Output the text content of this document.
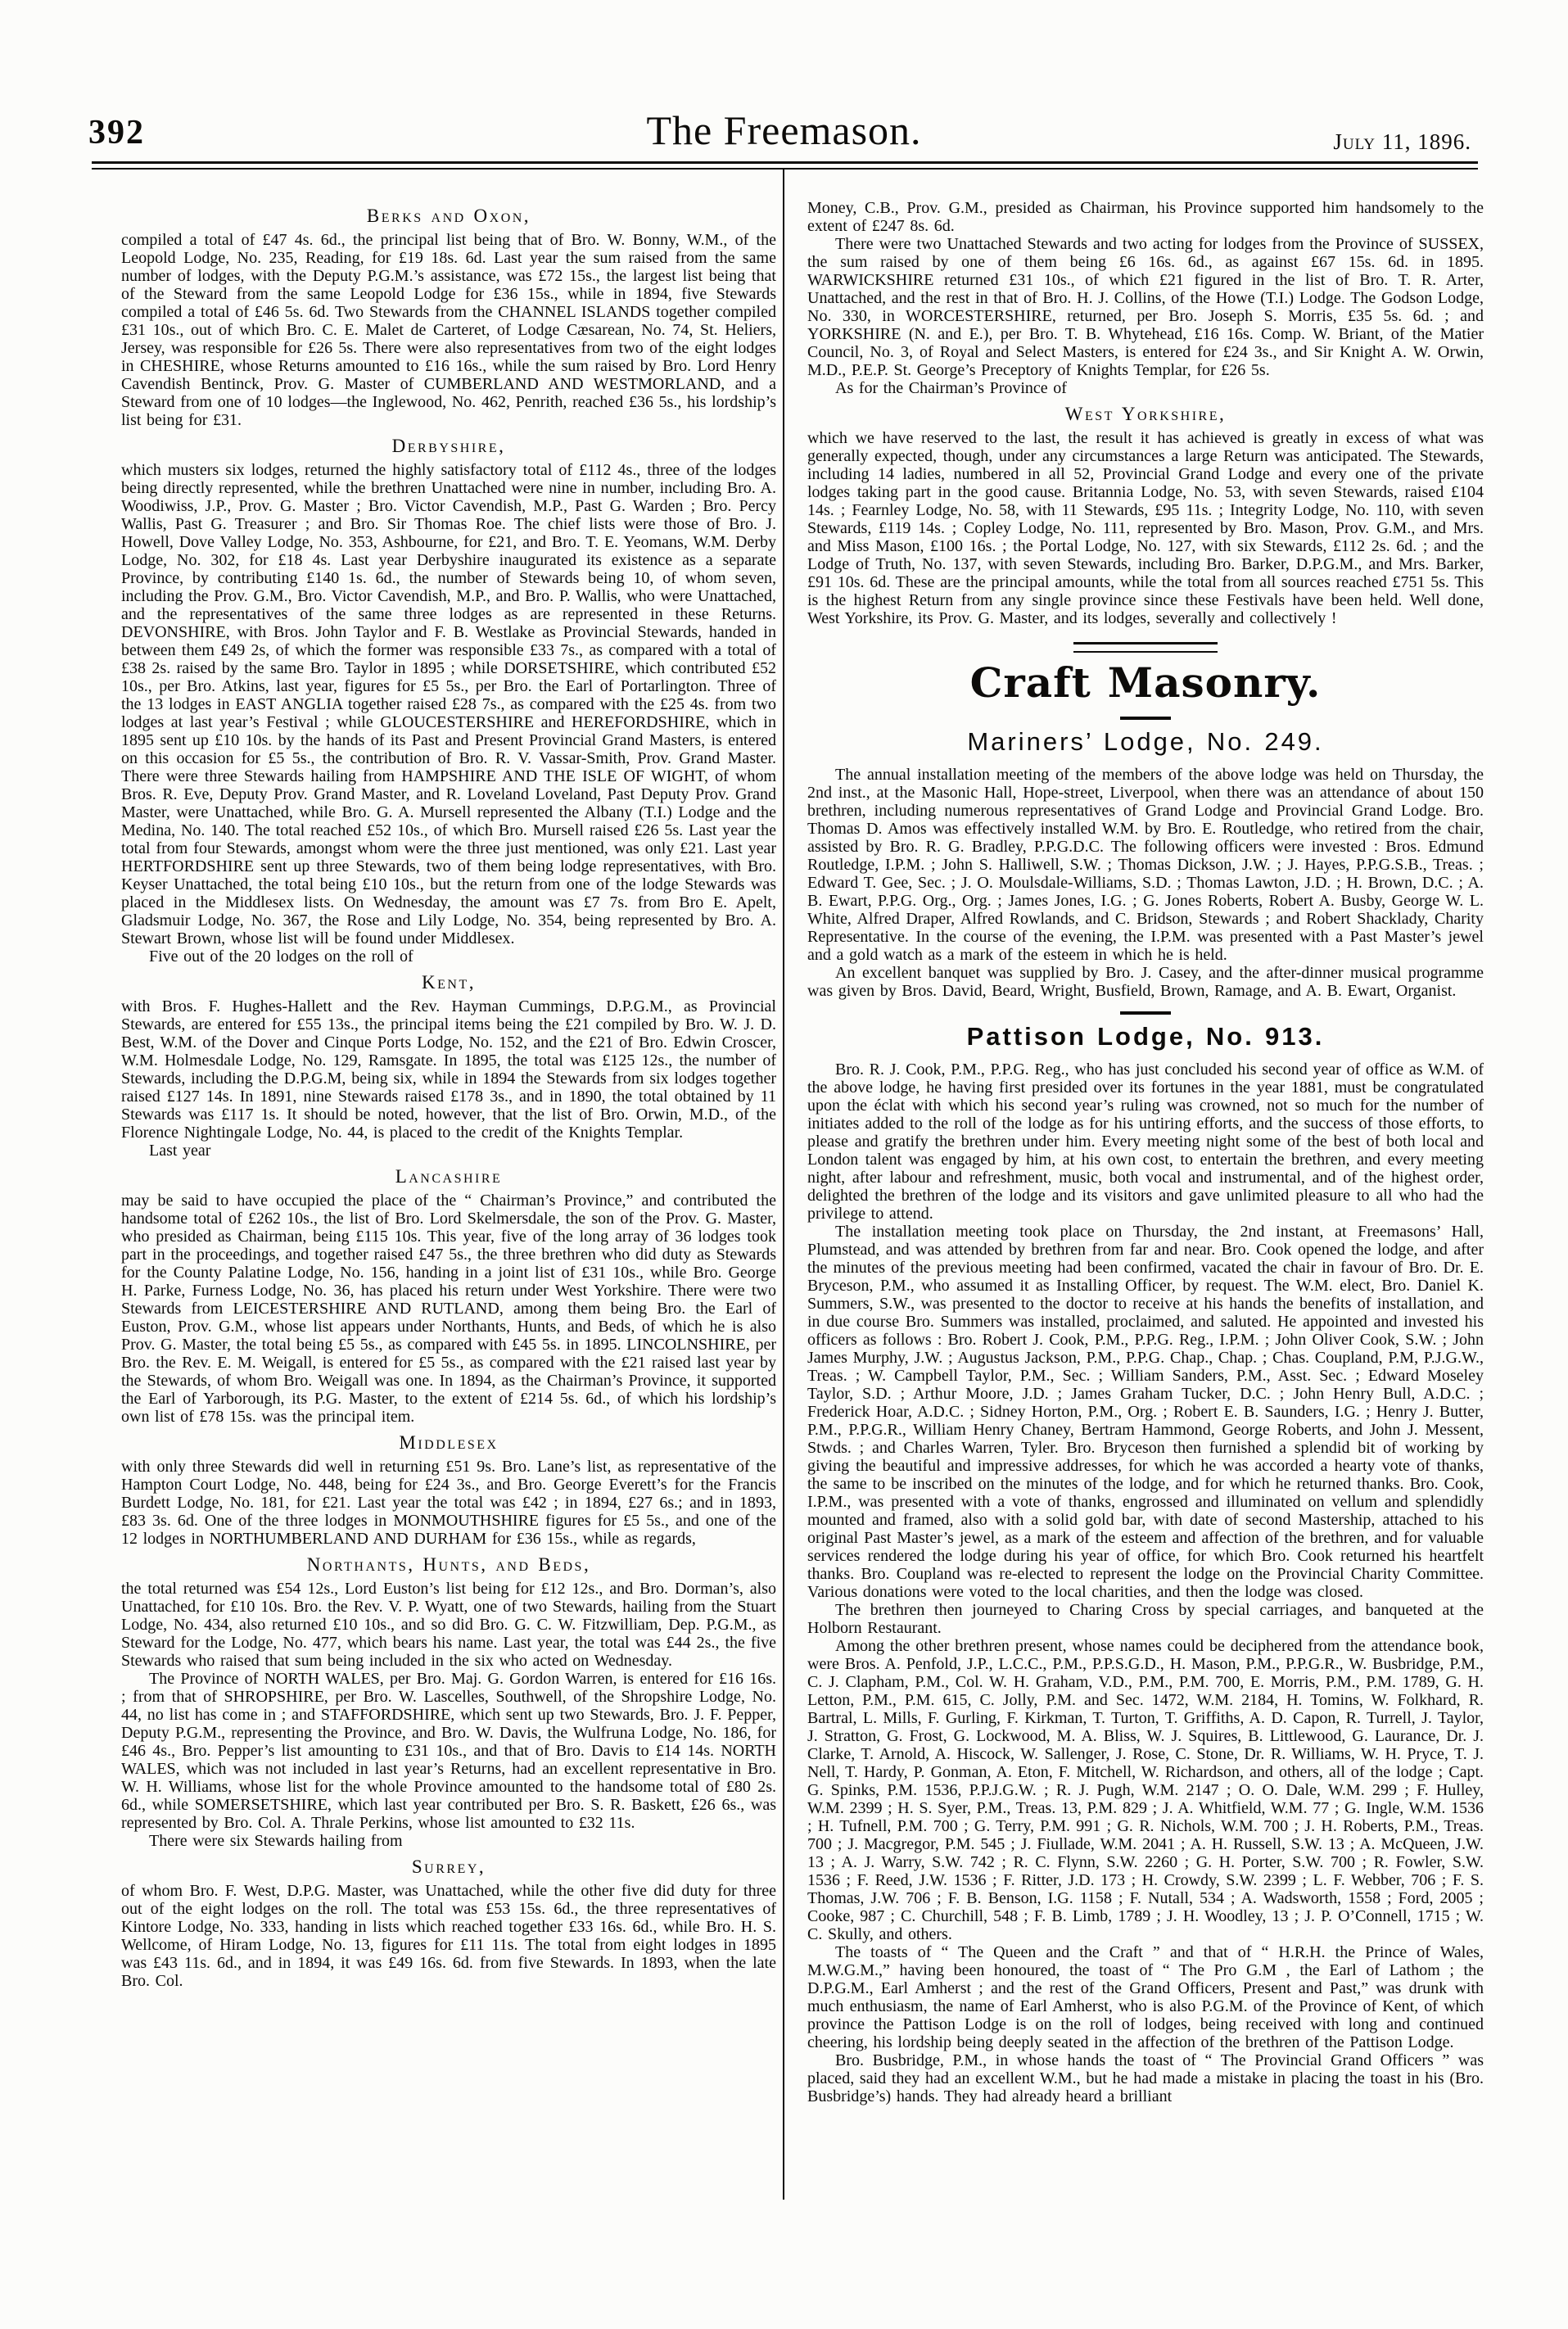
392	The Freemason.	July 11, 1896.
Berks and Oxon,

compiled a total of £47 4s. 6d., the principal list being that of Bro. W. Bonny, W.M., of the Leopold Lodge, No. 235, Reading, for £19 18s. 6d. Last year the sum raised from the same number of lodges, with the Deputy P.G.M.’s assistance, was £72 15s., the largest list being that of the Steward from the same Leopold Lodge for £36 15s., while in 1894, five Stewards compiled a total of £46 5s. 6d. Two Stewards from the CHANNEL ISLANDS together compiled £31 10s., out of which Bro. C. E. Malet de Carteret, of Lodge Cæsarean, No. 74, St. Heliers, Jersey, was responsible for £26 5s. There were also representatives from two of the eight lodges in CHESHIRE, whose Returns amounted to £16 16s., while the sum raised by Bro. Lord Henry Cavendish Bentinck, Prov. G. Master of CUMBERLAND AND WESTMORLAND, and a Steward from one of 10 lodges—the Inglewood, No. 462, Penrith, reached £36 5s., his lordship’s list being for £31.

Derbyshire,

which musters six lodges, returned the highly satisfactory total of £112 4s., three of the lodges being directly represented, while the brethren Unattached were nine in number, including Bro. A. Woodiwiss, J.P., Prov. G. Master ; Bro. Victor Cavendish, M.P., Past G. Warden ; Bro. Percy Wallis, Past G. Treasurer ; and Bro. Sir Thomas Roe. The chief lists were those of Bro. J. Howell, Dove Valley Lodge, No. 353, Ashbourne, for £21, and Bro. T. E. Yeomans, W.M. Derby Lodge, No. 302, for £18 4s. Last year Derbyshire inaugurated its existence as a separate Province, by contributing £140 1s. 6d., the number of Stewards being 10, of whom seven, including the Prov. G.M., Bro. Victor Cavendish, M.P., and Bro. P. Wallis, who were Unattached, and the representatives of the same three lodges as are represented in these Returns. DEVONSHIRE, with Bros. John Taylor and F. B. Westlake as Provincial Stewards, handed in between them £49 2s, of which the former was responsible £33 7s., as compared with a total of £38 2s. raised by the same Bro. Taylor in 1895 ; while DORSETSHIRE, which contributed £52 10s., per Bro. Atkins, last year, figures for £5 5s., per Bro. the Earl of Portarlington. Three of the 13 lodges in EAST ANGLIA together raised £28 7s., as compared with the £25 4s. from two lodges at last year’s Festival ; while GLOUCESTERSHIRE and HEREFORDSHIRE, which in 1895 sent up £10 10s. by the hands of its Past and Present Provincial Grand Masters, is entered on this occasion for £5 5s., the contribution of Bro. R. V. Vassar-Smith, Prov. Grand Master. There were three Stewards hailing from HAMPSHIRE AND THE ISLE OF WIGHT, of whom Bros. R. Eve, Deputy Prov. Grand Master, and R. Loveland Loveland, Past Deputy Prov. Grand Master, were Unattached, while Bro. G. A. Mursell represented the Albany (T.I.) Lodge and the Medina, No. 140. The total reached £52 10s., of which Bro. Mursell raised £26 5s. Last year the total from four Stewards, amongst whom were the three just mentioned, was only £21. Last year HERTFORDSHIRE sent up three Stewards, two of them being lodge representatives, with Bro. Keyser Unattached, the total being £10 10s., but the return from one of the lodge Stewards was placed in the Middlesex lists. On Wednesday, the amount was £7 7s. from Bro E. Apelt, Gladsmuir Lodge, No. 367, the Rose and Lily Lodge, No. 354, being represented by Bro. A. Stewart Brown, whose list will be found under Middlesex.

Five out of the 20 lodges on the roll of

Kent,

with Bros. F. Hughes-Hallett and the Rev. Hayman Cummings, D.P.G.M., as Provincial Stewards, are entered for £55 13s., the principal items being the £21 compiled by Bro. W. J. D. Best, W.M. of the Dover and Cinque Ports Lodge, No. 152, and the £21 of Bro. Edwin Croscer, W.M. Holmesdale Lodge, No. 129, Ramsgate. In 1895, the total was £125 12s., the number of Stewards, including the D.P.G.M, being six, while in 1894 the Stewards from six lodges together raised £127 14s. In 1891, nine Stewards raised £178 3s., and in 1890, the total obtained by 11 Stewards was £117 1s. It should be noted, however, that the list of Bro. Orwin, M.D., of the Florence Nightingale Lodge, No. 44, is placed to the credit of the Knights Templar.

Last year

Lancashire

may be said to have occupied the place of the “ Chairman’s Province,” and contributed the handsome total of £262 10s., the list of Bro. Lord Skelmersdale, the son of the Prov. G. Master, who presided as Chairman, being £115 10s. This year, five of the long array of 36 lodges took part in the proceedings, and together raised £47 5s., the three brethren who did duty as Stewards for the County Palatine Lodge, No. 156, handing in a joint list of £31 10s., while Bro. George H. Parke, Furness Lodge, No. 36, has placed his return under West Yorkshire. There were two Stewards from LEICESTERSHIRE AND RUTLAND, among them being Bro. the Earl of Euston, Prov. G.M., whose list appears under Northants, Hunts, and Beds, of which he is also Prov. G. Master, the total being £5 5s., as compared with £45 5s. in 1895. LINCOLNSHIRE, per Bro. the Rev. E. M. Weigall, is entered for £5 5s., as compared with the £21 raised last year by the Stewards, of whom Bro. Weigall was one. In 1894, as the Chairman’s Province, it supported the Earl of Yarborough, its P.G. Master, to the extent of £214 5s. 6d., of which his lordship’s own list of £78 15s. was the principal item.

Middlesex

with only three Stewards did well in returning £51 9s. Bro. Lane’s list, as representative of the Hampton Court Lodge, No. 448, being for £24 3s., and Bro. George Everett’s for the Francis Burdett Lodge, No. 181, for £21. Last year the total was £42 ; in 1894, £27 6s.; and in 1893, £83 3s. 6d. One of the three lodges in MONMOUTHSHIRE figures for £5 5s., and one of the 12 lodges in NORTHUMBERLAND AND DURHAM for £36 15s., while as regards,

Northants, Hunts, and Beds,

the total returned was £54 12s., Lord Euston’s list being for £12 12s., and Bro. Dorman’s, also Unattached, for £10 10s. Bro. the Rev. V. P. Wyatt, one of two Stewards, hailing from the Stuart Lodge, No. 434, also returned £10 10s., and so did Bro. G. C. W. Fitzwilliam, Dep. P.G.M., as Steward for the Lodge, No. 477, which bears his name. Last year, the total was £44 2s., the five Stewards who raised that sum being included in the six who acted on Wednesday.

The Province of NORTH WALES, per Bro. Maj. G. Gordon Warren, is entered for £16 16s. ; from that of SHROPSHIRE, per Bro. W. Lascelles, Southwell, of the Shropshire Lodge, No. 44, no list has come in ; and STAFFORDSHIRE, which sent up two Stewards, Bro. J. F. Pepper, Deputy P.G.M., representing the Province, and Bro. W. Davis, the Wulfruna Lodge, No. 186, for £46 4s., Bro. Pepper’s list amounting to £31 10s., and that of Bro. Davis to £14 14s. NORTH WALES, which was not included in last year’s Returns, had an excellent representative in Bro. W. H. Williams, whose list for the whole Province amounted to the handsome total of £80 2s. 6d., while SOMERSETSHIRE, which last year contributed per Bro. S. R. Baskett, £26 6s., was represented by Bro. Col. A. Thrale Perkins, whose list amounted to £32 11s.

There were six Stewards hailing from

Surrey,

of whom Bro. F. West, D.P.G. Master, was Unattached, while the other five did duty for three out of the eight lodges on the roll. The total was £53 15s. 6d., the three representatives of Kintore Lodge, No. 333, handing in lists which reached together £33 16s. 6d., while Bro. H. S. Wellcome, of Hiram Lodge, No. 13, figures for £11 11s. The total from eight lodges in 1895 was £43 11s. 6d., and in 1894, it was £49 16s. 6d. from five Stewards. In 1893, when the late Bro. Col.

Money, C.B., Prov. G.M., presided as Chairman, his Province supported him handsomely to the extent of £247 8s. 6d.

There were two Unattached Stewards and two acting for lodges from the Province of SUSSEX, the sum raised by one of them being £6 16s. 6d., as against £67 15s. 6d. in 1895. WARWICKSHIRE returned £31 10s., of which £21 figured in the list of Bro. T. R. Arter, Unattached, and the rest in that of Bro. H. J. Collins, of the Howe (T.I.) Lodge. The Godson Lodge, No. 330, in WORCESTERSHIRE, returned, per Bro. Joseph S. Morris, £35 5s. 6d. ; and YORKSHIRE (N. and E.), per Bro. T. B. Whytehead, £16 16s. Comp. W. Briant, of the Matier Council, No. 3, of Royal and Select Masters, is entered for £24 3s., and Sir Knight A. W. Orwin, M.D., P.E.P. St. George’s Preceptory of Knights Templar, for £26 5s.

As for the Chairman’s Province of

West Yorkshire,

which we have reserved to the last, the result it has achieved is greatly in excess of what was generally expected, though, under any circumstances a large Return was anticipated. The Stewards, including 14 ladies, numbered in all 52, Provincial Grand Lodge and every one of the private lodges taking part in the good cause. Britannia Lodge, No. 53, with seven Stewards, raised £104 14s. ; Fearnley Lodge, No. 58, with 11 Stewards, £95 11s. ; Integrity Lodge, No. 110, with seven Stewards, £119 14s. ; Copley Lodge, No. 111, represented by Bro. Mason, Prov. G.M., and Mrs. and Miss Mason, £100 16s. ; the Portal Lodge, No. 127, with six Stewards, £112 2s. 6d. ; and the Lodge of Truth, No. 137, with seven Stewards, including Bro. Barker, D.P.G.M., and Mrs. Barker, £91 10s. 6d. These are the principal amounts, while the total from all sources reached £751 5s. This is the highest Return from any single province since these Festivals have been held. Well done, West Yorkshire, its Prov. G. Master, and its lodges, severally and collectively !

Craft Masonry.
Mariners’ Lodge, No. 249.

The annual installation meeting of the members of the above lodge was held on Thursday, the 2nd inst., at the Masonic Hall, Hope-street, Liverpool, when there was an attendance of about 150 brethren, including numerous representatives of Grand Lodge and Provincial Grand Lodge. Bro. Thomas D. Amos was effectively installed W.M. by Bro. E. Routledge, who retired from the chair, assisted by Bro. R. G. Bradley, P.P.G.D.C. The following officers were invested : Bros. Edmund Routledge, I.P.M. ; John S. Halliwell, S.W. ; Thomas Dickson, J.W. ; J. Hayes, P.P.G.S.B., Treas. ; Edward T. Gee, Sec. ; J. O. Moulsdale-Williams, S.D. ; Thomas Lawton, J.D. ; H. Brown, D.C. ; A. B. Ewart, P.P.G. Org., Org. ; James Jones, I.G. ; G. Jones Roberts, Robert A. Busby, George W. L. White, Alfred Draper, Alfred Rowlands, and C. Bridson, Stewards ; and Robert Shacklady, Charity Representative. In the course of the evening, the I.P.M. was presented with a Past Master’s jewel and a gold watch as a mark of the esteem in which he is held.

An excellent banquet was supplied by Bro. J. Casey, and the after-dinner musical programme was given by Bros. David, Beard, Wright, Busfield, Brown, Ramage, and A. B. Ewart, Organist.

Pattison Lodge, No. 913.

Bro. R. J. Cook, P.M., P.P.G. Reg., who has just concluded his second year of office as W.M. of the above lodge, he having first presided over its fortunes in the year 1881, must be congratulated upon the éclat with which his second year’s ruling was crowned, not so much for the number of initiates added to the roll of the lodge as for his untiring efforts, and the success of those efforts, to please and gratify the brethren under him. Every meeting night some of the best of both local and London talent was engaged by him, at his own cost, to entertain the brethren, and every meeting night, after labour and refreshment, music, both vocal and instrumental, and of the highest order, delighted the brethren of the lodge and its visitors and gave unlimited pleasure to all who had the privilege to attend.

The installation meeting took place on Thursday, the 2nd instant, at Freemasons’ Hall, Plumstead, and was attended by brethren from far and near. Bro. Cook opened the lodge, and after the minutes of the previous meeting had been confirmed, vacated the chair in favour of Bro. Dr. E. Bryceson, P.M., who assumed it as Installing Officer, by request. The W.M. elect, Bro. Daniel K. Summers, S.W., was presented to the doctor to receive at his hands the benefits of installation, and in due course Bro. Summers was installed, proclaimed, and saluted. He appointed and invested his officers as follows : Bro. Robert J. Cook, P.M., P.P.G. Reg., I.P.M. ; John Oliver Cook, S.W. ; John James Murphy, J.W. ; Augustus Jackson, P.M., P.P.G. Chap., Chap. ; Chas. Coupland, P.M, P.J.G.W., Treas. ; W. Campbell Taylor, P.M., Sec. ; William Sanders, P.M., Asst. Sec. ; Edward Moseley Taylor, S.D. ; Arthur Moore, J.D. ; James Graham Tucker, D.C. ; John Henry Bull, A.D.C. ; Frederick Hoar, A.D.C. ; Sidney Horton, P.M., Org. ; Robert E. B. Saunders, I.G. ; Henry J. Butter, P.M., P.P.G.R., William Henry Chaney, Bertram Hammond, George Roberts, and John J. Messent, Stwds. ; and Charles Warren, Tyler. Bro. Bryceson then furnished a splendid bit of working by giving the beautiful and impressive addresses, for which he was accorded a hearty vote of thanks, the same to be inscribed on the minutes of the lodge, and for which he returned thanks. Bro. Cook, I.P.M., was presented with a vote of thanks, engrossed and illuminated on vellum and splendidly mounted and framed, also with a solid gold bar, with date of second Mastership, attached to his original Past Master’s jewel, as a mark of the esteem and affection of the brethren, and for valuable services rendered the lodge during his year of office, for which Bro. Cook returned his heartfelt thanks. Bro. Coupland was re-elected to represent the lodge on the Provincial Charity Committee. Various donations were voted to the local charities, and then the lodge was closed.

The brethren then journeyed to Charing Cross by special carriages, and banqueted at the Holborn Restaurant.

Among the other brethren present, whose names could be deciphered from the attendance book, were Bros. A. Penfold, J.P., L.C.C., P.M., P.P.S.G.D., H. Mason, P.M., P.P.G.R., W. Busbridge, P.M., C. J. Clapham, P.M., Col. W. H. Graham, V.D., P.M., P.M. 700, E. Morris, P.M., P.M. 1789, G. H. Letton, P.M., P.M. 615, C. Jolly, P.M. and Sec. 1472, W.M. 2184, H. Tomins, W. Folkhard, R. Bartral, L. Mills, F. Gurling, F. Kirkman, T. Turton, T. Griffiths, A. D. Capon, R. Turrell, J. Taylor, J. Stratton, G. Frost, G. Lockwood, M. A. Bliss, W. J. Squires, B. Littlewood, G. Laurance, Dr. J. Clarke, T. Arnold, A. Hiscock, W. Sallenger, J. Rose, C. Stone, Dr. R. Williams, W. H. Pryce, T. J. Nell, T. Hardy, P. Gonman, A. Eton, F. Mitchell, W. Richardson, and others, all of the lodge ; Capt. G. Spinks, P.M. 1536, P.P.J.G.W. ; R. J. Pugh, W.M. 2147 ; O. O. Dale, W.M. 299 ; F. Hulley, W.M. 2399 ; H. S. Syer, P.M., Treas. 13, P.M. 829 ; J. A. Whitfield, W.M. 77 ; G. Ingle, W.M. 1536 ; H. Tufnell, P.M. 700 ; G. Terry, P.M. 991 ; G. R. Nichols, W.M. 700 ; J. H. Roberts, P.M., Treas. 700 ; J. Macgregor, P.M. 545 ; J. Fiullade, W.M. 2041 ; A. H. Russell, S.W. 13 ; A. McQueen, J.W. 13 ; A. J. Warry, S.W. 742 ; R. C. Flynn, S.W. 2260 ; G. H. Porter, S.W. 700 ; R. Fowler, S.W. 1536 ; F. Reed, J.W. 1536 ; F. Ritter, J.D. 173 ; H. Crowdy, S.W. 2399 ; L. F. Webber, 706 ; F. S. Thomas, J.W. 706 ; F. B. Benson, I.G. 1158 ; F. Nutall, 534 ; A. Wadsworth, 1558 ; Ford, 2005 ; Cooke, 987 ; C. Churchill, 548 ; F. B. Limb, 1789 ; J. H. Woodley, 13 ; J. P. O’Connell, 1715 ; W. C. Skully, and others.

The toasts of “ The Queen and the Craft ” and that of “ H.R.H. the Prince of Wales, M.W.G.M.,” having been honoured, the toast of “ The Pro G.M , the Earl of Lathom ; the D.P.G.M., Earl Amherst ; and the rest of the Grand Officers, Present and Past,” was drunk with much enthusiasm, the name of Earl Amherst, who is also P.G.M. of the Province of Kent, of which province the Pattison Lodge is on the roll of lodges, being received with long and continued cheering, his lordship being deeply seated in the affection of the brethren of the Pattison Lodge.

Bro. Busbridge, P.M., in whose hands the toast of “ The Provincial Grand Officers ” was placed, said they had an excellent W.M., but he had made a mistake in placing the toast in his (Bro. Busbridge’s) hands. They had already heard a brilliant
